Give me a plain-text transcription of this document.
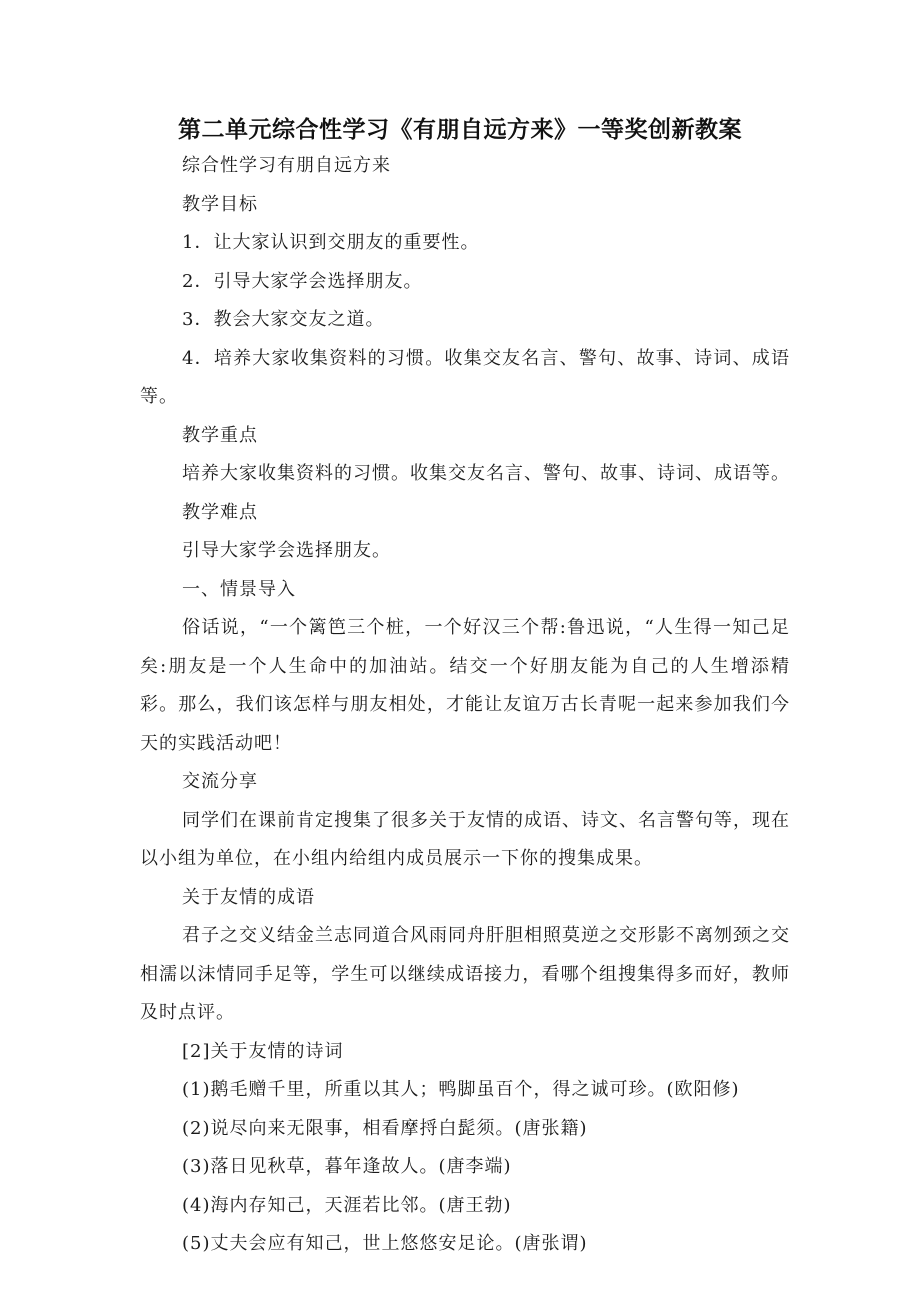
第二单元综合性学习《有朋自远方来》一等奖创新教案

综合性学习有朋自远方来

教学目标

1．让大家认识到交朋友的重要性。

2．引导大家学会选择朋友。

3．教会大家交友之道。

4．培养大家收集资料的习惯。收集交友名言、警句、故事、诗词、成语等。

教学重点

培养大家收集资料的习惯。收集交友名言、警句、故事、诗词、成语等。

教学难点

引导大家学会选择朋友。

一、情景导入

俗话说，“一个篱笆三个桩，一个好汉三个帮:鲁迅说，“人生得一知己足矣:朋友是一个人生命中的加油站。结交一个好朋友能为自己的人生增添精彩。那么，我们该怎样与朋友相处，才能让友谊万古长青呢一起来参加我们今天的实践活动吧！

交流分享

同学们在课前肯定搜集了很多关于友情的成语、诗文、名言警句等，现在以小组为单位，在小组内给组内成员展示一下你的搜集成果。

关于友情的成语

君子之交义结金兰志同道合风雨同舟肝胆相照莫逆之交形影不离刎颈之交相濡以沫情同手足等，学生可以继续成语接力，看哪个组搜集得多而好，教师及时点评。

[2]关于友情的诗词

(1)鹅毛赠千里，所重以其人；鸭脚虽百个，得之诚可珍。(欧阳修)

(2)说尽向来无限事，相看摩捋白髭须。(唐张籍)

(3)落日见秋草，暮年逢故人。(唐李端)

(4)海内存知己，天涯若比邻。(唐王勃)

(5)丈夫会应有知己，世上悠悠安足论。(唐张谓)
